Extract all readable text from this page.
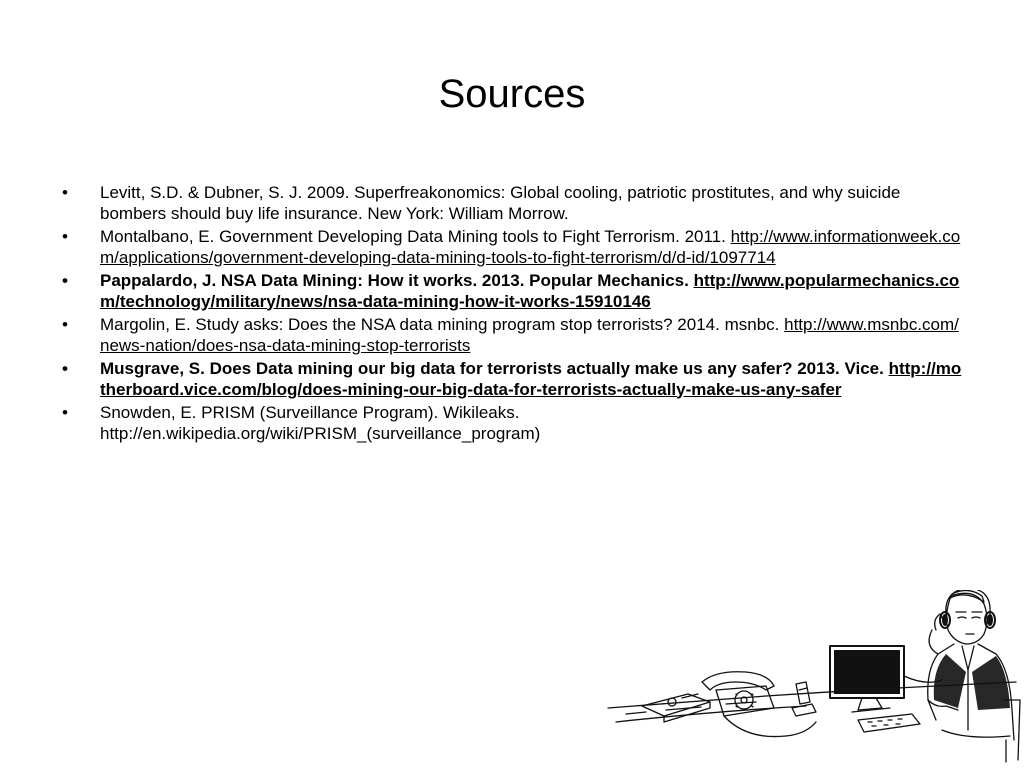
Sources
• Levitt, S.D. & Dubner, S. J. 2009. Superfreakonomics: Global cooling, patriotic prostitutes, and why suicide bombers should buy life insurance. New York: William Morrow.
• Montalbano, E. Government Developing Data Mining tools to Fight Terrorism. 2011. http://www.informationweek.com/applications/government-developing-data-mining-tools-to-fight-terrorism/d/d-id/1097714
• Pappalardo, J. NSA Data Mining: How it works. 2013. Popular Mechanics. http://www.popularmechanics.com/technology/military/news/nsa-data-mining-how-it-works-15910146
• Margolin, E. Study asks: Does the NSA data mining program stop terrorists? 2014. msnbc. http://www.msnbc.com/news-nation/does-nsa-data-mining-stop-terrorists
• Musgrave, S. Does Data mining our big data for terrorists actually make us any safer? 2013. Vice. http://motherboard.vice.com/blog/does-mining-our-big-data-for-terrorists-actually-make-us-any-safer
• Snowden, E. PRISM (Surveillance Program). Wikileaks. http://en.wikipedia.org/wiki/PRISM_(surveillance_program)
